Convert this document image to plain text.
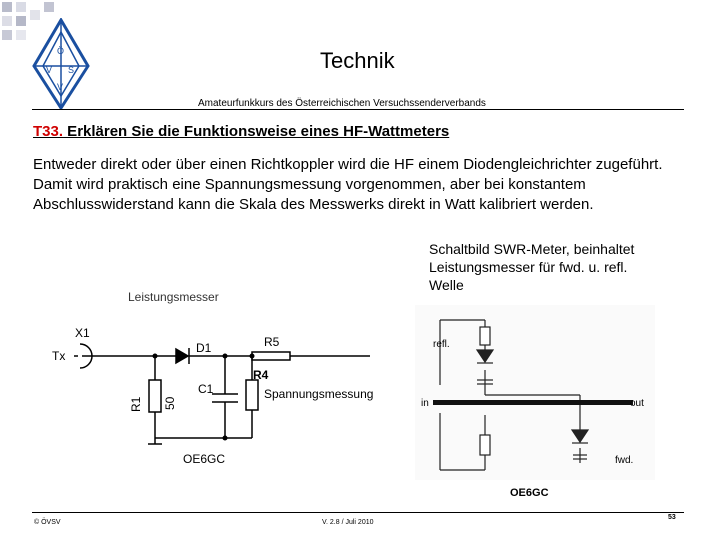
Ö
V S
V
Technik
Amateurfunkkurs des Österreichischen Versuchssenderverbands
T33. Erklären Sie die Funktionsweise eines HF-Wattmeters
Entweder direkt oder über einen Richtkoppler wird die HF einem Diodengleichrichter zugeführt.
Damit wird praktisch eine Spannungsmessung vorgenommen, aber bei konstantem
Abschlusswiderstand kann die Skala des Messwerks direkt in Watt kalibriert werden.
Schaltbild SWR-Meter, beinhaltet
Leistungsmesser für fwd. u. refl.
Welle
Leistungsmesser
X1
Tx
D1	R5
R4
C1	Spannungsmessung
R1 50
OE6GC
refl.
in	out
fwd.
OE6GC
© ÖVSV	V. 2.8 / Juli 2010
53
